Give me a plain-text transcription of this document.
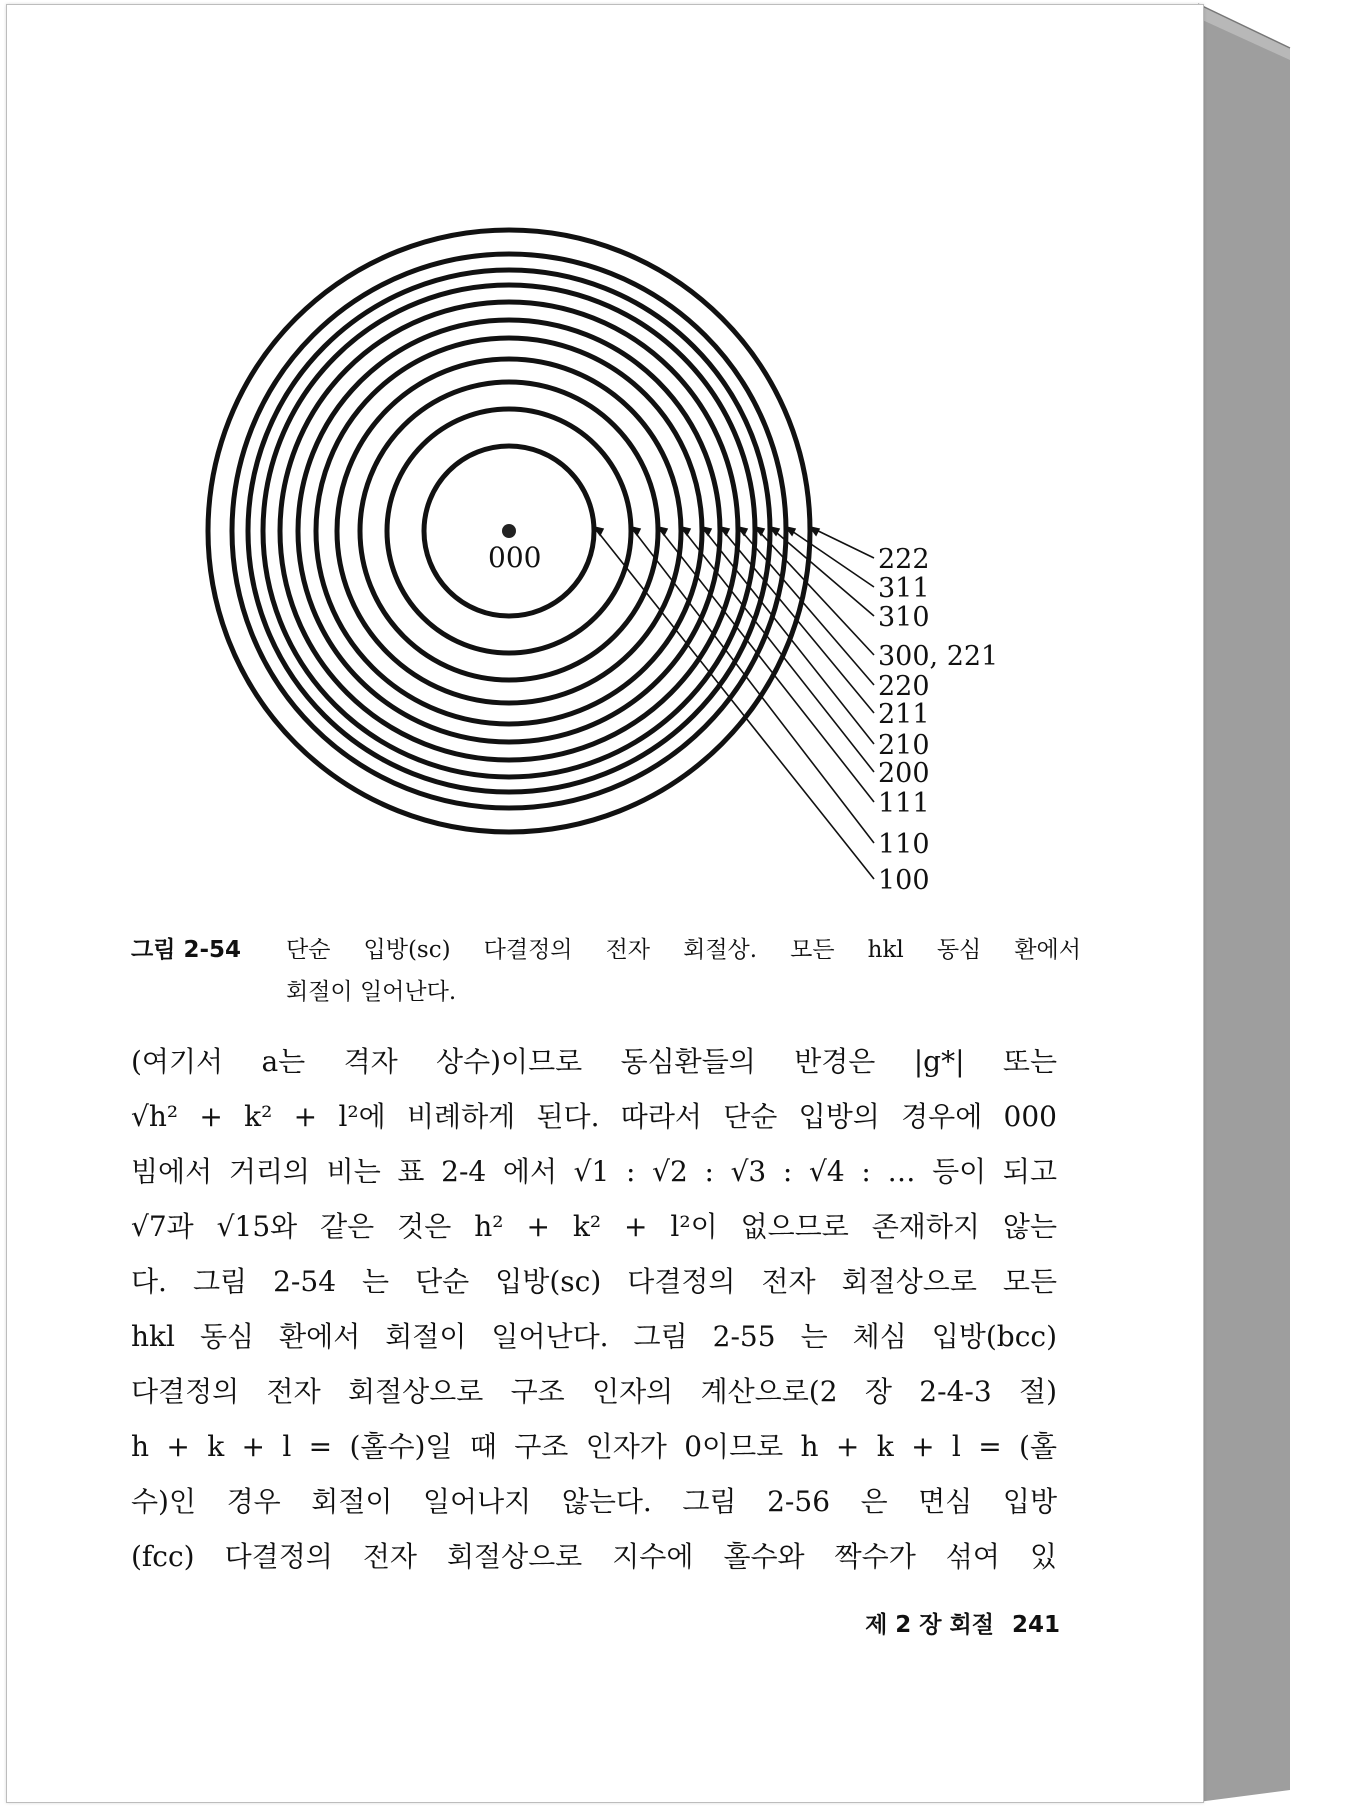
000	222
311
310
300, 221
220
211
210
200
111
110
100
그림 2-54 단순 입방(sc) 다결정의 전자 회절상. 모든 hkl 동심 환에서
회절이 일어난다.
(여기서 a는 격자 상수)이므로 동심환들의 반경은 |g*| 또는
√h² + k² + l²에 비례하게 된다. 따라서 단순 입방의 경우에 000
빔에서 거리의 비는 표 2-4 에서 √1 : √2 : √3 : √4 : … 등이 되고
√7과 √15와 같은 것은 h² + k² + l²이 없으므로 존재하지 않는
다. 그림 2-54 는 단순 입방(sc) 다결정의 전자 회절상으로 모든
hkl 동심 환에서 회절이 일어난다. 그림 2-55 는 체심 입방(bcc)
다결정의 전자 회절상으로 구조 인자의 계산으로(2 장 2-4-3 절)
h + k + l = (홀수)일 때 구조 인자가 0이므로 h + k + l = (홀
수)인 경우 회절이 일어나지 않는다. 그림 2-56 은 면심 입방
(fcc) 다결정의 전자 회절상으로 지수에 홀수와 짝수가 섞여 있
제 2 장 회절 241
